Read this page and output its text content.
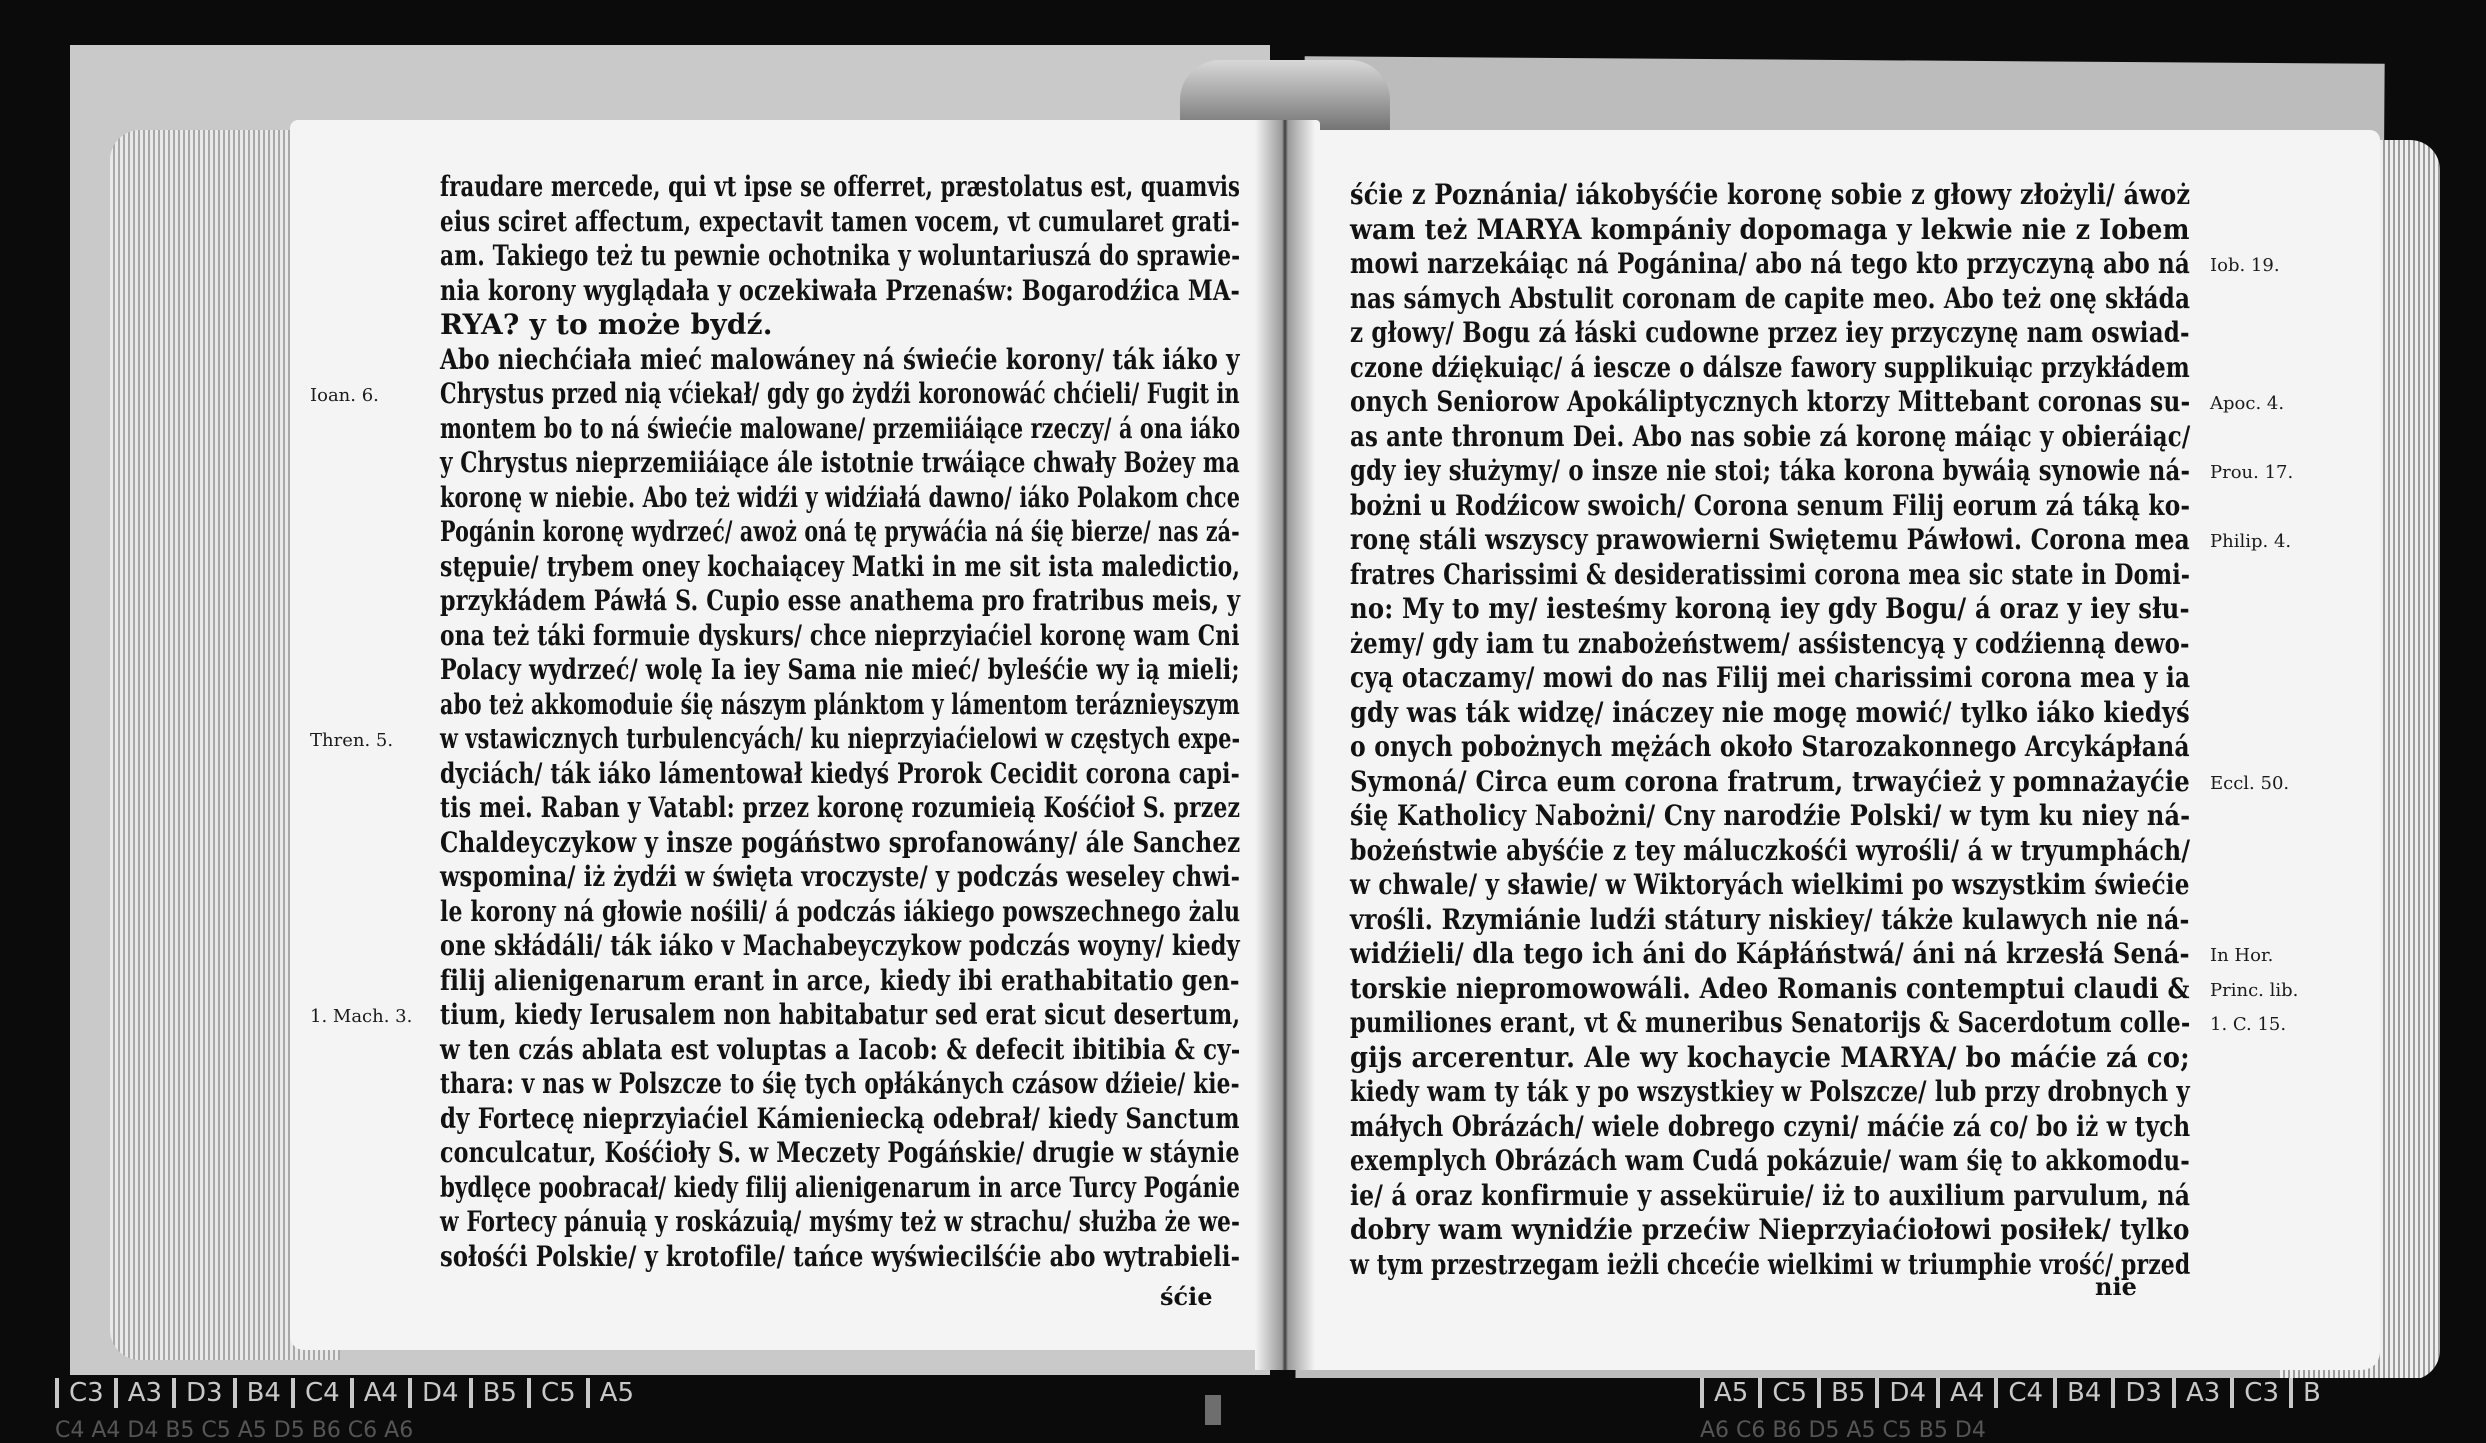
fraudare mercede, qui vt ipse se offerret, præstolatus est, quamvis
eius sciret affectum, expectavit tamen vocem, vt cumularet grati-
am. Takiego też tu pewnie ochotnika y woluntariuszá do sprawie-
nia korony wyglądała y oczekiwała Przenaśw: Bogarodźica MA-
RYA? y to może bydź.
Abo niechćiała mieć malowáney ná świećie korony/ ták iáko y
Chrystus przed nią vćiekał/ gdy go żydźi koronowáć chćieli/ Fugit in
montem bo to ná świećie malowane/ przemiiáiące rzeczy/ á ona iáko
y Chrystus nieprzemiiáiące ále istotnie trwáiące chwały Bożey ma
koronę w niebie. Abo też widźi y widźiałá dawno/ iáko Polakom chce
Pogánin koronę wydrzeć/ awoż oná tę prywáćia ná śię bierze/ nas zá-
stępuie/ trybem oney kochaiącey Matki in me sit ista maledictio,
przykłádem Páwłá S. Cupio esse anathema pro fratribus meis, y
ona też táki formuie dyskurs/ chce nieprzyiaćiel koronę wam Cni
Polacy wydrzeć/ wolę Ia iey Sama nie mieć/ byleśćie wy ią mieli;
abo też akkomoduie śię nászym plánktom y lámentom teráznieyszym
w vstawicznych turbulencyách/ ku nieprzyiaćielowi w częstych expe-
dyciách/ ták iáko lámentował kiedyś Prorok Cecidit corona capi-
tis mei. Raban y Vatabl: przez koronę rozumieią Kośćioł S. przez
Chaldeyczykow y insze pogáństwo sprofanowány/ ále Sanchez
wspomina/ iż żydźi w święta vroczyste/ y podczás weseley chwi-
le korony ná głowie nośili/ á podczás iákiego powszechnego żalu
one skłádáli/ ták iáko v Machabeyczykow podczás woyny/ kiedy
filij alienigenarum erant in arce, kiedy ibi erathabitatio gen-
tium, kiedy Ierusalem non habitabatur sed erat sicut desertum,
w ten czás ablata est voluptas a Iacob: & defecit ibitibia & cy-
thara: v nas w Polszcze to śię tych opłákánych czásow dźieie/ kie-
dy Fortecę nieprzyiaćiel Kámieniecką odebrał/ kiedy Sanctum
conculcatur, Kośćioły S. w Meczety Pogáńskie/ drugie w stáynie
bydlęce poobracał/ kiedy filij alienigenarum in arce Turcy Pogánie
w Fortecy pánuią y roskázuią/ myśmy też w strachu/ służba że we-
sołośći Polskie/ y krotofile/ tańce wyświecilśćie abo wytrabieli-
Ioan. 6.
Thren. 5.
1. Mach. 3.
śćie
śćie z Poznánia/ iákobyśćie koronę sobie z głowy złożyli/ áwoż
wam też MARYA kompániy dopomaga y lekwie nie z Iobem
mowi narzekáiąc ná Pogánina/ abo ná tego kto przyczyną abo ná
nas sámych Abstulit coronam de capite meo. Abo też onę skłáda
z głowy/ Bogu zá łáski cudowne przez iey przyczynę nam oswiad-
czone dźiękuiąc/ á iescze o dálsze fawory supplikuiąc przykłádem
onych Seniorow Apokáliptycznych ktorzy Mittebant coronas su-
as ante thronum Dei. Abo nas sobie zá koronę máiąc y obieráiąc/
gdy iey służymy/ o insze nie stoi; táka korona bywáią synowie ná-
bożni u Rodźicow swoich/ Corona senum Filij eorum zá táką ko-
ronę stáli wszyscy prawowierni Swiętemu Páwłowi. Corona mea
fratres Charissimi & desideratissimi corona mea sic state in Domi-
no: My to my/ iesteśmy koroną iey gdy Bogu/ á oraz y iey słu-
żemy/ gdy iam tu znabożeństwem/ asśistencyą y codźienną dewo-
cyą otaczamy/ mowi do nas Filij mei charissimi corona mea y ia
gdy was ták widzę/ ináczey nie mogę mowić/ tylko iáko kiedyś
o onych pobożnych mężách około Starozakonnego Arcykápłaná
Symoná/ Circa eum corona fratrum, trwayćież y pomnażayćie
śię Katholicy Nabożni/ Cny narodźie Polski/ w tym ku niey ná-
bożeństwie abyśćie z tey máluczkośći wyrośli/ á w tryumphách/
w chwale/ y sławie/ w Wiktoryách wielkimi po wszystkim świećie
vrośli. Rzymiánie ludźi státury niskiey/ tákże kulawych nie ná-
widźieli/ dla tego ich áni do Kápłáństwá/ áni ná krzesłá Sená-
torskie niepromowowáli. Adeo Romanis contemptui claudi &
pumiliones erant, vt & muneribus Senatorijs & Sacerdotum colle-
gijs arcerentur. Ale wy kochaycie MARYA/ bo máćie zá co;
kiedy wam ty ták y po wszystkiey w Polszcze/ lub przy drobnych y
máłych Obrázách/ wiele dobrego czyni/ máćie zá co/ bo iż w tych
exemplych Obrázách wam Cudá pokázuie/ wam śię to akkomodu-
ie/ á oraz konfirmuie y asseküruie/ iż to auxilium parvulum, ná
dobry wam wynidźie przećiw Nieprzyiaćiołowi posiłek/ tylko
w tym przestrzegam ieżli chcećie wielkimi w triumphie vrość/ przed
Iob. 19.
Apoc. 4.
Prou. 17.
Philip. 4.
Eccl. 50.
In Hor.
Princ. lib.
1. C. 15.
nie
C3 A3 D3 B4 C4 A4 D4 B5 C5 A5	A5 C5 B5 D4 A4 C4 B4 D3 A3 C3 B
C4 A4 D4 B5 C5 A5 D5 B6 C6 A6	A6 C6 B6 D5 A5 C5 B5 D4
